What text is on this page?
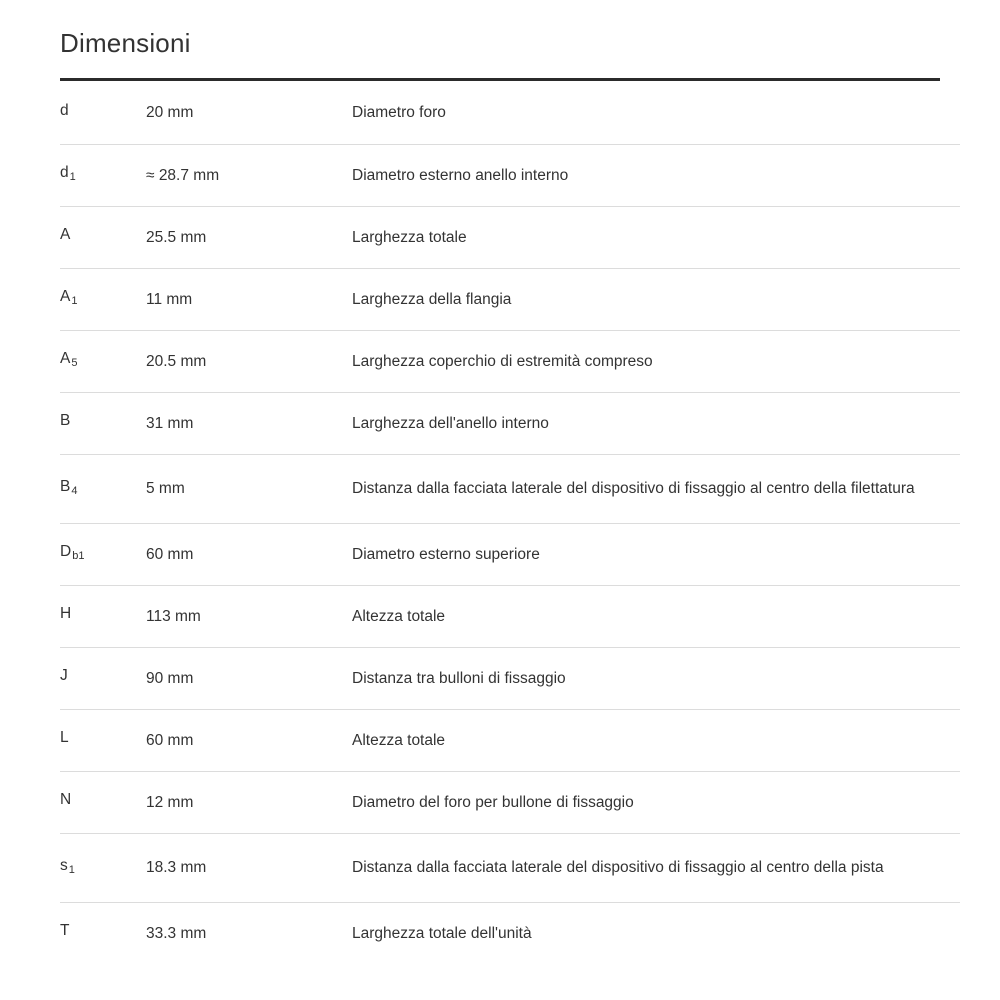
Dimensioni
d	20 mm	Diametro foro
$d_1$	≈ 28.7 mm	Diametro esterno anello interno
A	25.5 mm	Larghezza totale
$A_1$	11 mm	Larghezza della flangia
$A_5$	20.5 mm	Larghezza coperchio di estremità compreso
B	31 mm	Larghezza dell'anello interno
$B_4$	5 mm	Distanza dalla facciata laterale del dispositivo di fissaggio al centro della filettatura
$D_{b1}$	60 mm	Diametro esterno superiore
H	113 mm	Altezza totale
J	90 mm	Distanza tra bulloni di fissaggio
L	60 mm	Altezza totale
N	12 mm	Diametro del foro per bullone di fissaggio
$s_1$	18.3 mm	Distanza dalla facciata laterale del dispositivo di fissaggio al centro della pista
T	33.3 mm	Larghezza totale dell'unità
